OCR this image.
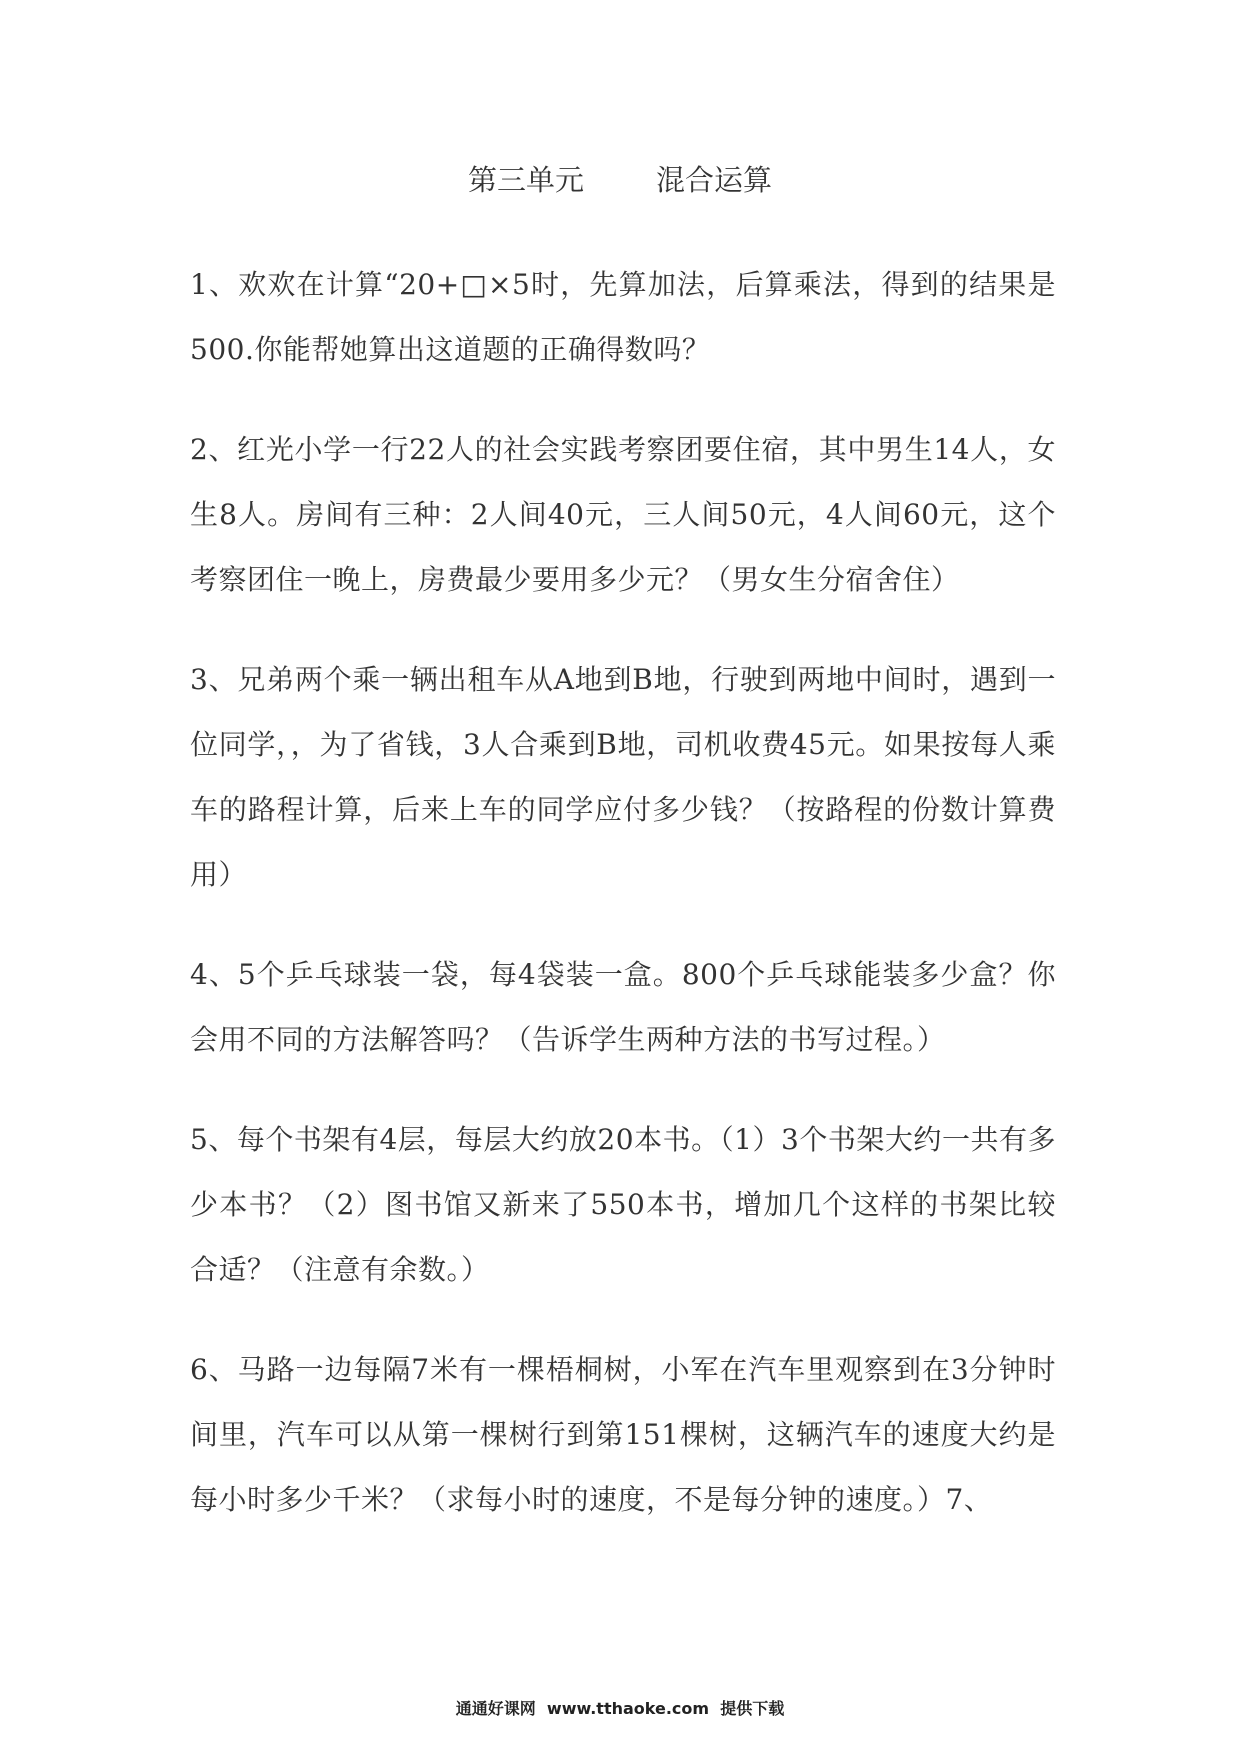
第三单元 混合运算

1、欢欢在计算“20+□×5时，先算加法，后算乘法，得到的结果是500.你能帮她算出这道题的正确得数吗？

2、红光小学一行22人的社会实践考察团要住宿，其中男生14人，女生8人。房间有三种：2人间40元，三人间50元，4人间60元，这个考察团住一晚上，房费最少要用多少元？（男女生分宿舍住）

3、兄弟两个乘一辆出租车从A地到B地，行驶到两地中间时，遇到一位同学，，为了省钱，3人合乘到B地，司机收费45元。如果按每人乘车的路程计算，后来上车的同学应付多少钱？（按路程的份数计算费用）

4、5个乒乓球装一袋，每4袋装一盒。800个乒乓球能装多少盒？你会用不同的方法解答吗？（告诉学生两种方法的书写过程。）

5、每个书架有4层，每层大约放20本书。（1）3个书架大约一共有多少本书？（2）图书馆又新来了550本书，增加几个这样的书架比较合适？（注意有余数。）

6、马路一边每隔7米有一棵梧桐树，小军在汽车里观察到在3分钟时间里，汽车可以从第一棵树行到第151棵树，这辆汽车的速度大约是每小时多少千米？（求每小时的速度，不是每分钟的速度。）7、

通通好课网  www.tthaoke.com  提供下载
